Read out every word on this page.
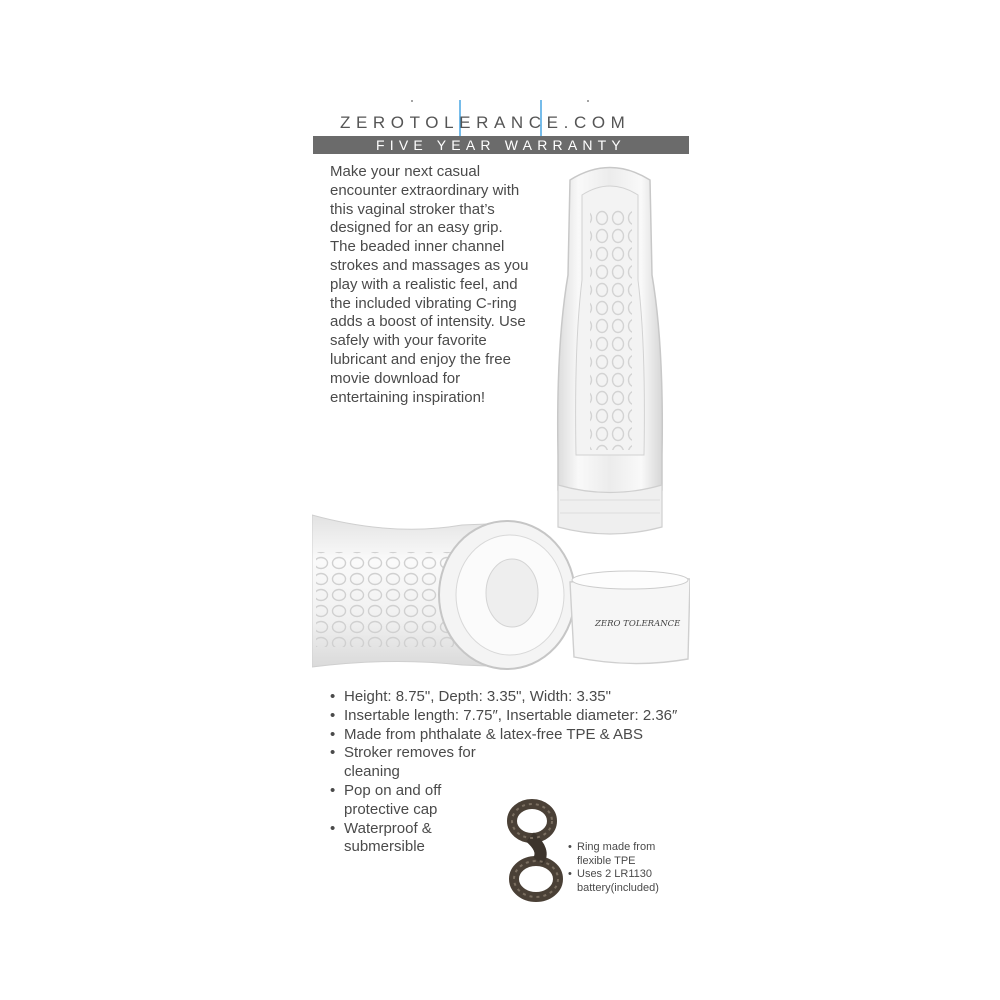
ZEROTOLERANCE.COM
FIVE YEAR WARRANTY

Make your next casual encounter extraordinary with this vaginal stroker that’s designed for an easy grip. The beaded inner channel strokes and massages as you play with a realistic feel, and the included vibrating C-ring adds a boost of intensity. Use safely with your favorite lubricant and enjoy the free movie download for entertaining inspiration!

ZERO TOLERANCE
• Height: 8.75", Depth: 3.35", Width: 3.35"
• Insertable length: 7.75″, Insertable diameter: 2.36″
• Made from phthalate & latex-free TPE & ABS
• Stroker removes for cleaning
• Pop on and off protective cap
• Waterproof & submersible
•	Ring made from flexible TPE
• Uses 2 LR1130 battery(included)
